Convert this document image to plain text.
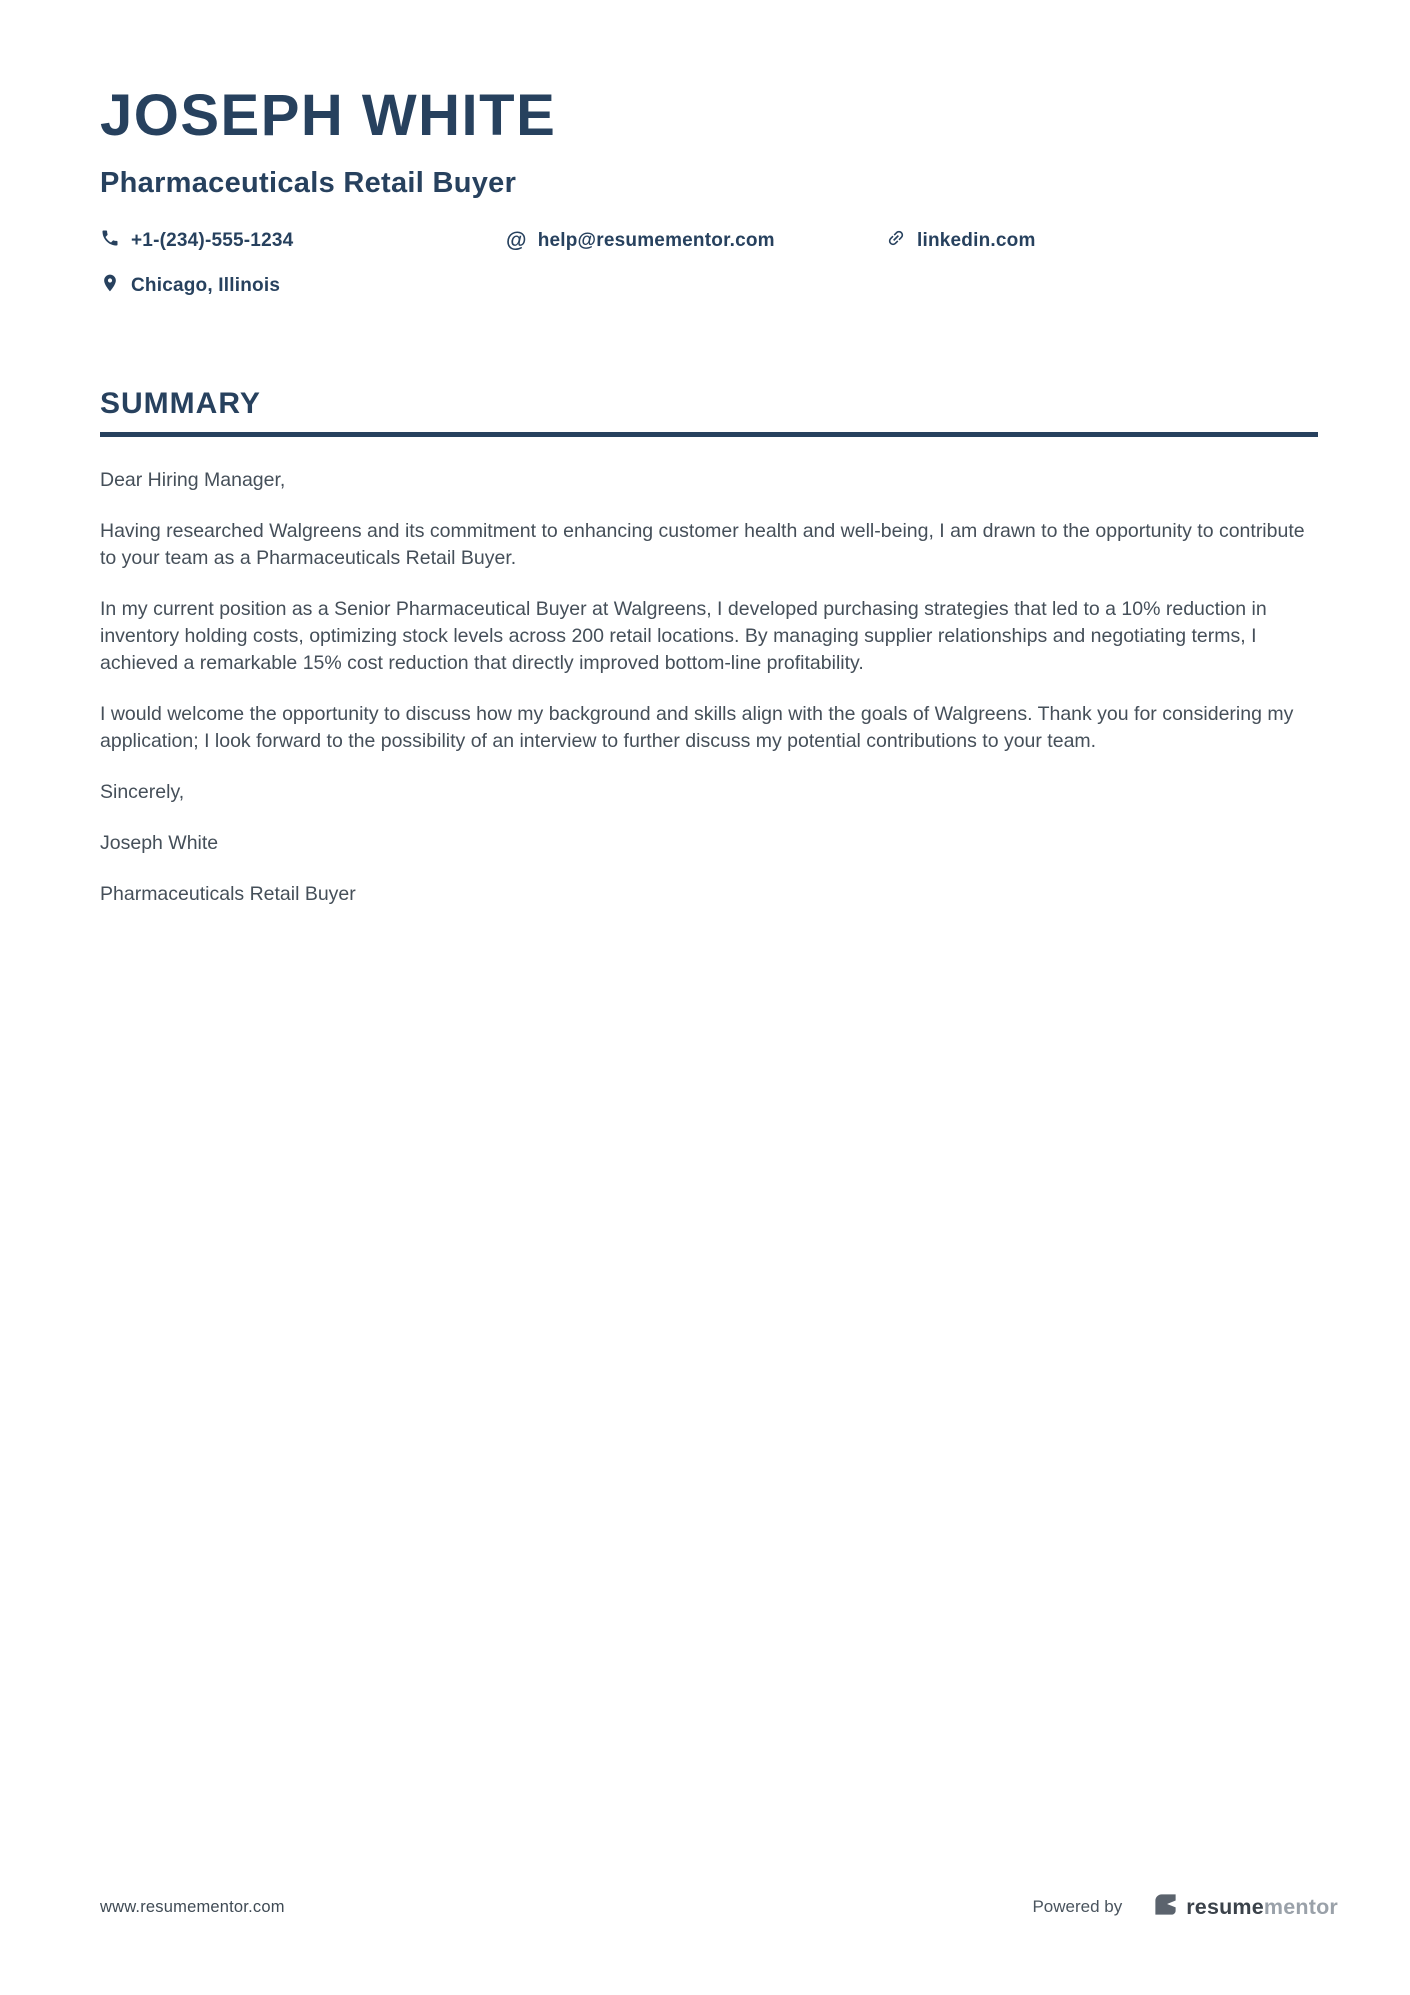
JOSEPH WHITE
Pharmaceuticals Retail Buyer
+1-(234)-555-1234	@ help@resumementor.com	linkedin.com
Chicago, Illinois
SUMMARY

Dear Hiring Manager,

Having researched Walgreens and its commitment to enhancing customer health and well-being, I am drawn to the opportunity to contribute to your team as a Pharmaceuticals Retail Buyer.

In my current position as a Senior Pharmaceutical Buyer at Walgreens, I developed purchasing strategies that led to a 10% reduction in inventory holding costs, optimizing stock levels across 200 retail locations. By managing supplier relationships and negotiating terms, I achieved a remarkable 15% cost reduction that directly improved bottom-line profitability.

I would welcome the opportunity to discuss how my background and skills align with the goals of Walgreens. Thank you for considering my application; I look forward to the possibility of an interview to further discuss my potential contributions to your team.

Sincerely,

Joseph White

Pharmaceuticals Retail Buyer

www.resumementor.com	Powered by	resumementor
